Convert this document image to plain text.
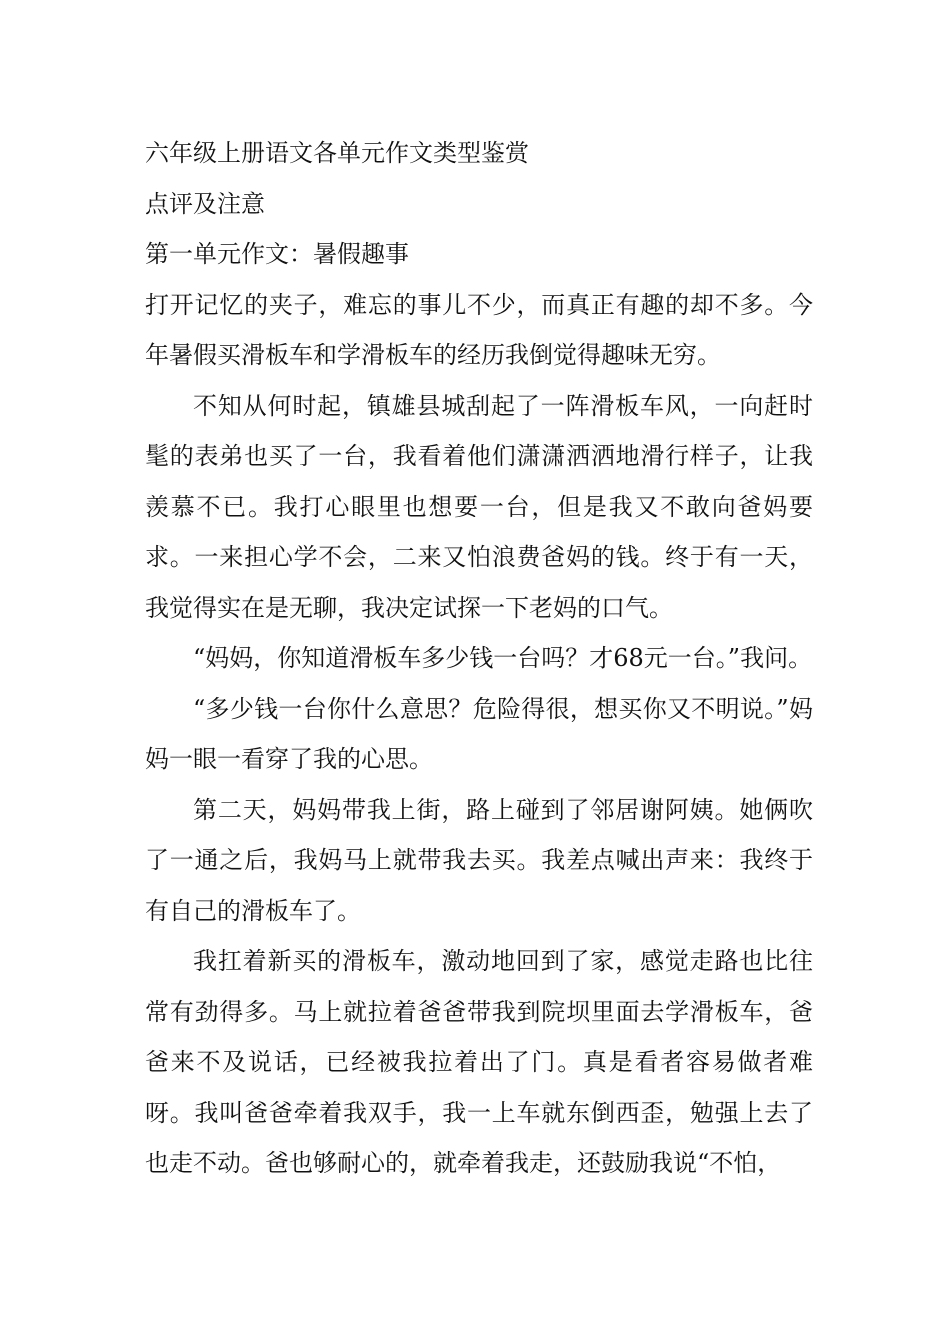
六年级上册语文各单元作文类型鉴赏

点评及注意

第一单元作文：暑假趣事

打开记忆的夹子，难忘的事儿不少，而真正有趣的却不多。今年暑假买滑板车和学滑板车的经历我倒觉得趣味无穷。

不知从何时起，镇雄县城刮起了一阵滑板车风，一向赶时髦的表弟也买了一台，我看着他们潇潇洒洒地滑行样子，让我羡慕不已。我打心眼里也想要一台，但是我又不敢向爸妈要求。一来担心学不会，二来又怕浪费爸妈的钱。终于有一天，我觉得实在是无聊，我决定试探一下老妈的口气。

“妈妈，你知道滑板车多少钱一台吗？才68元一台。”我问。

“多少钱一台你什么意思？危险得很，想买你又不明说。”妈妈一眼一看穿了我的心思。

第二天，妈妈带我上街，路上碰到了邻居谢阿姨。她俩吹了一通之后，我妈马上就带我去买。我差点喊出声来：我终于有自己的滑板车了。

我扛着新买的滑板车，激动地回到了家，感觉走路也比往常有劲得多。马上就拉着爸爸带我到院坝里面去学滑板车，爸爸来不及说话，已经被我拉着出了门。真是看者容易做者难呀。我叫爸爸牵着我双手，我一上车就东倒西歪，勉强上去了也走不动。爸也够耐心的，就牵着我走，还鼓励我说“不怕，
